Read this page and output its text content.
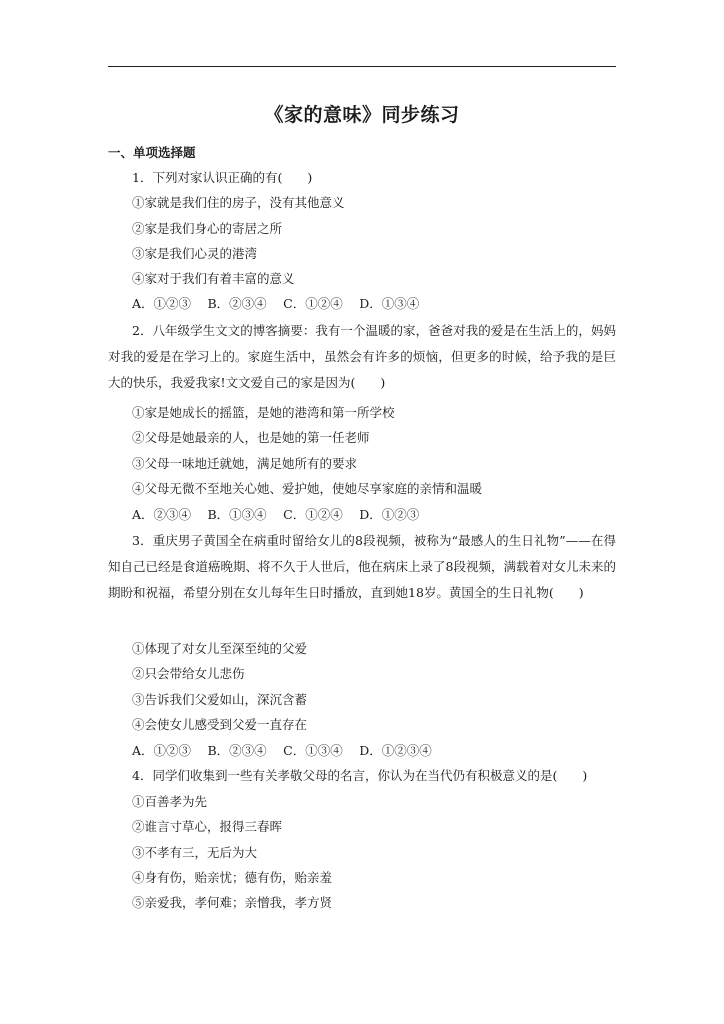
《家的意味》同步练习
一、单项选择题
1．下列对家认识正确的有(　　)
①家就是我们住的房子，没有其他意义
②家是我们身心的寄居之所
③家是我们心灵的港湾
④家对于我们有着丰富的意义
A．①②③　 B．②③④　 C．①②④　 D．①③④
2．八年级学生文文的博客摘要：我有一个温暖的家，爸爸对我的爱是在生活上的，妈妈对我的爱是在学习上的。家庭生活中，虽然会有许多的烦恼，但更多的时候，给予我的是巨大的快乐，我爱我家!文文爱自己的家是因为(　　)
①家是她成长的摇篮，是她的港湾和第一所学校
②父母是她最亲的人，也是她的第一任老师
③父母一味地迁就她，满足她所有的要求
④父母无微不至地关心她、爱护她，使她尽享家庭的亲情和温暖
A．②③④　 B．①③④　 C．①②④　 D．①②③
3．重庆男子黄国全在病重时留给女儿的8段视频，被称为“最感人的生日礼物”——在得知自己已经是食道癌晚期、将不久于人世后，他在病床上录了8段视频，满载着对女儿未来的期盼和祝福，希望分别在女儿每年生日时播放，直到她18岁。黄国全的生日礼物(　　)
①体现了对女儿至深至纯的父爱
②只会带给女儿悲伤
③告诉我们父爱如山，深沉含蓄
④会使女儿感受到父爱一直存在
A．①②③　 B．②③④　 C．①③④　 D．①②③④
4．同学们收集到一些有关孝敬父母的名言，你认为在当代仍有积极意义的是(　　)
①百善孝为先
②谁言寸草心，报得三春晖
③不孝有三，无后为大
④身有伤，贻亲忧；德有伤，贻亲羞
⑤亲爱我，孝何难；亲憎我，孝方贤
